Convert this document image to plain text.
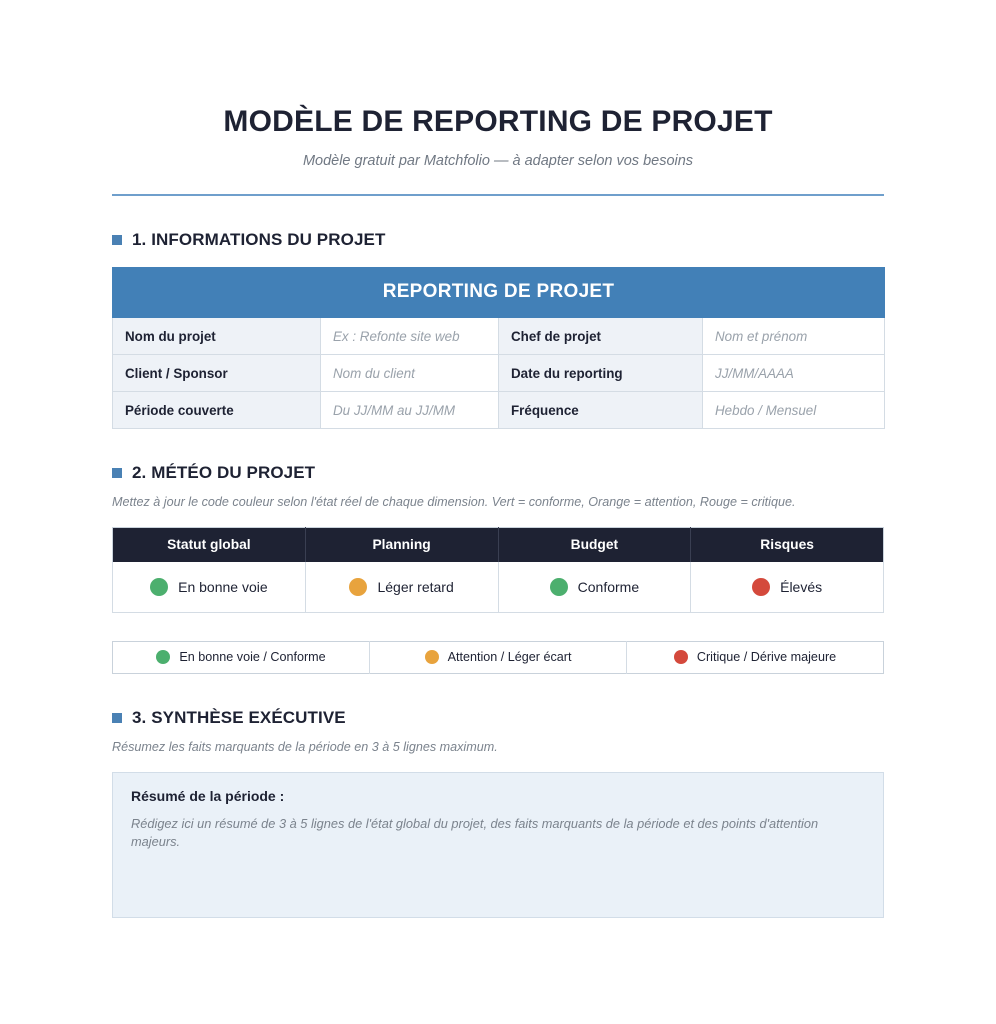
MODÈLE DE REPORTING DE PROJET

Modèle gratuit par Matchfolio — à adapter selon vos besoins

1. INFORMATIONS DU PROJET
REPORTING DE PROJET			
Nom du projet	Ex : Refonte site web	Chef de projet	Nom et prénom
Client / Sponsor	Nom du client	Date du reporting	JJ/MM/AAAA
Période couverte	Du JJ/MM au JJ/MM	Fréquence	Hebdo / Mensuel
2. MÉTÉO DU PROJET

Mettez à jour le code couleur selon l'état réel de chaque dimension. Vert = conforme, Orange = attention, Rouge = critique.

Statut global	Planning	Budget	Risques

En bonne voie	Léger retard	Conforme	Élevés
En bonne voie / Conforme	Attention / Léger écart	Critique / Dérive majeure
3. SYNTHÈSE EXÉCUTIVE

Résumez les faits marquants de la période en 3 à 5 lignes maximum.

Résumé de la période :

Rédigez ici un résumé de 3 à 5 lignes de l'état global du projet, des faits marquants de la période et des points d'attention majeurs.
